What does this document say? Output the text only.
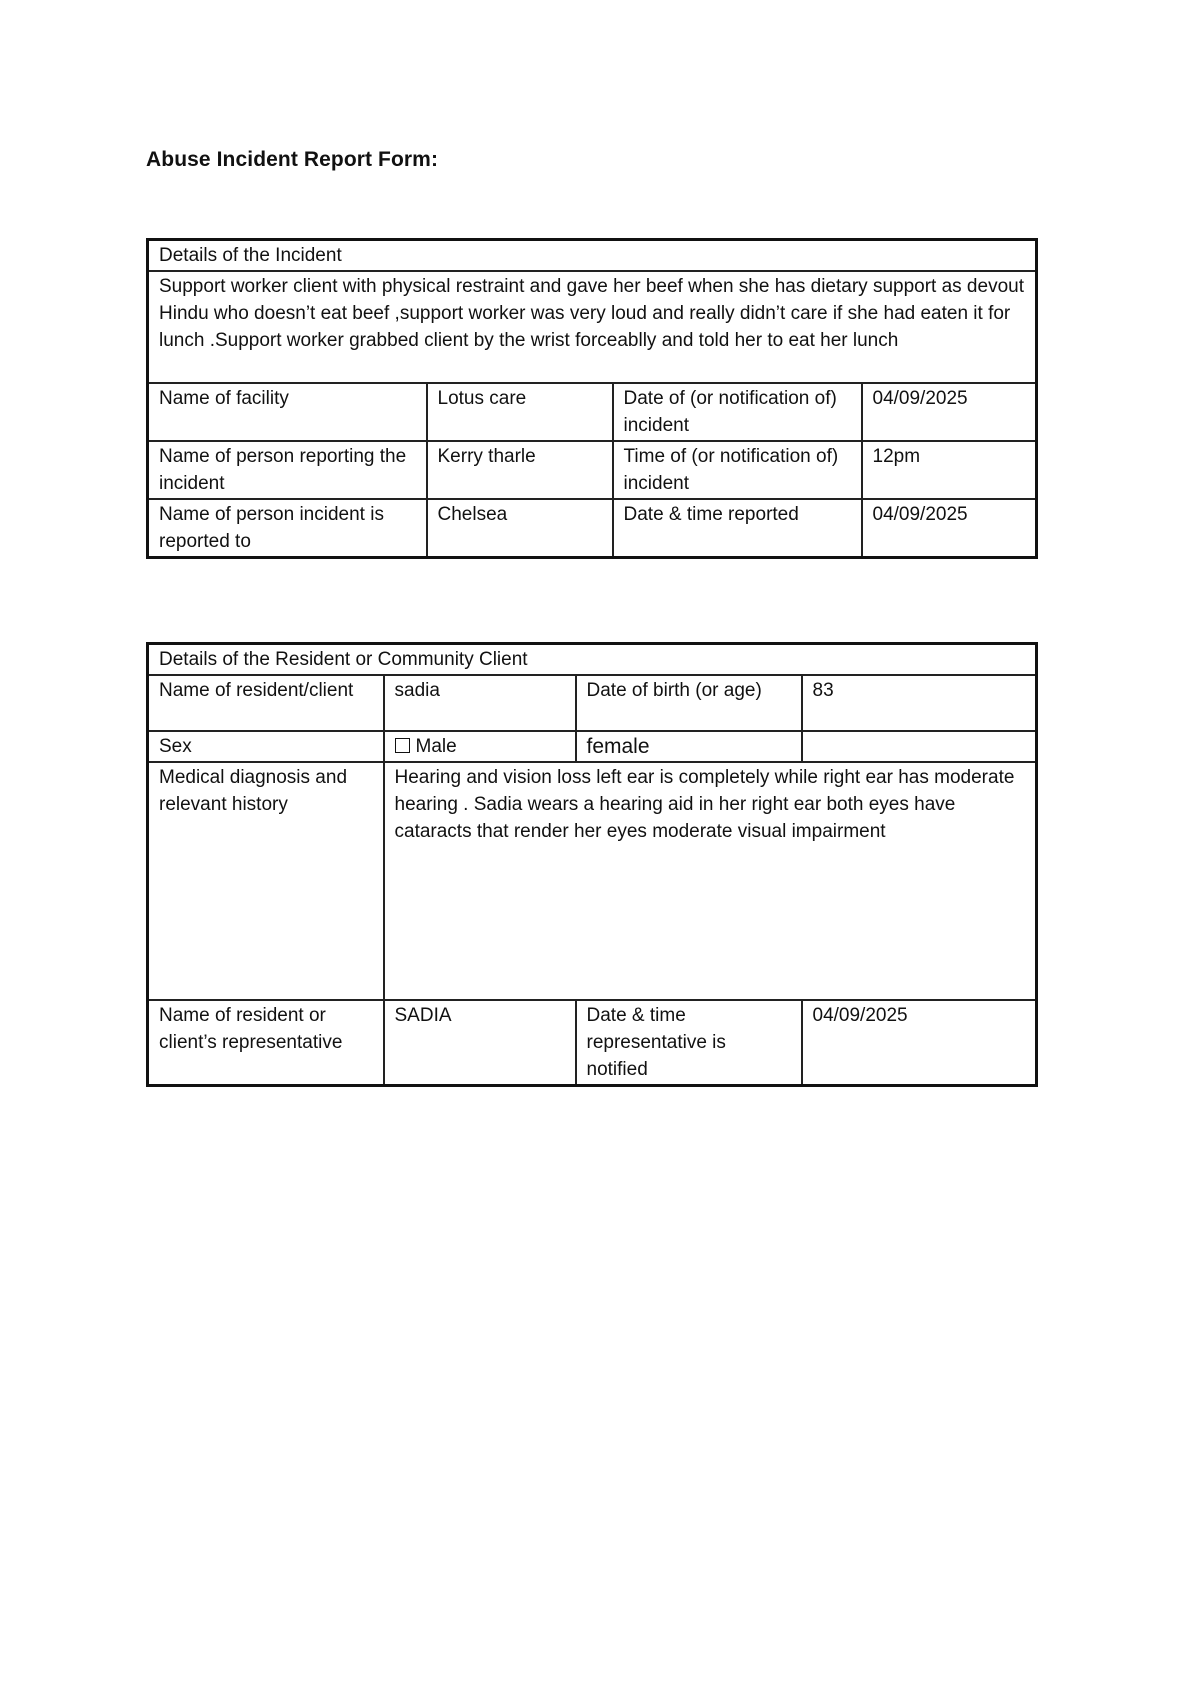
Abuse Incident Report Form:
Details of the Incident			
Support worker client with physical restraint and gave her beef when she has dietary support as devout Hindu who doesn’t eat beef ,support worker was very loud and really didn’t care if she had eaten it for lunch .Support worker grabbed client by the wrist forceablly and told her to eat her lunch			
Name of facility	Lotus care	Date of (or notification of) incident	04/09/2025
Name of person reporting the incident	Kerry tharle	Time of (or notification of) incident	12pm
Name of person incident is reported to	Chelsea	Date & time reported	04/09/2025
Details of the Resident or Community Client			
Name of resident/client	sadia	Date of birth (or age)	83
Sex	Male	female	
Medical diagnosis and relevant history	Hearing and vision loss left ear is completely while right ear has moderate hearing . Sadia wears a hearing aid in her right ear both eyes have cataracts that render her eyes moderate visual impairment		
Name of resident or client’s representative	SADIA	Date & time representative is notified	04/09/2025
